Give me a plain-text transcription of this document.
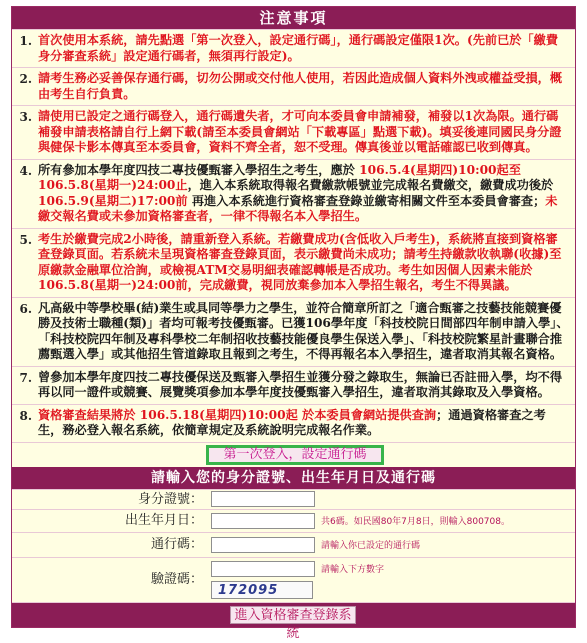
注意事項
1. 首次使用本系統，請先點選「第一次登入，設定通行碼」，通行碼設定僅限1次。(先前已於「繳費身分審查系統」設定通行碼者，無須再行設定)。
2. 請考生務必妥善保存通行碼，切勿公開或交付他人使用，若因此造成個人資料外洩或權益受損，概由考生自行負責。
3. 請使用已設定之通行碼登入，通行碼遺失者，才可向本委員會申請補發，補發以1次為限。通行碼補發申請表格請自行上網下載(請至本委員會網站「下載專區」點選下載)。填妥後連同國民身分證與健保卡影本傳真至本委員會，資料不齊全者，恕不受理。傳真後並以電話確認已收到傳真。
4. 所有參加本學年度四技二專技優甄審入學招生之考生，應於 106.5.4(星期四)10:00起至106.5.8(星期一)24:00止，進入本系統取得報名費繳款帳號並完成報名費繳交，繳費成功後於 106.5.9(星期二)17:00前 再進入本系統進行資格審查登錄並繳寄相關文件至本委員會審查；未繳交報名費或未參加資格審查者，一律不得報名本入學招生。
5. 考生於繳費完成2小時後，請重新登入系統。若繳費成功(含低收入戶考生)，系統將直接到資格審查登錄頁面。若系統未呈現資格審查登錄頁面，表示繳費尚未成功；請考生持繳款收執聯(收據)至原繳款金融單位洽詢，或檢視ATM交易明細表確認轉帳是否成功。考生如因個人因素未能於106.5.8(星期一)24:00前，完成繳費，視同放棄參加本入學招生報名，考生不得異議。
6. 凡高級中等學校畢(結)業生或具同等學力之學生，並符合簡章所訂之「適合甄審之技藝技能競賽優勝及技術士職種(類)」者均可報考技優甄審。已獲106學年度「科技校院日間部四年制申請入學」、「科技校院四年制及專科學校二年制招收技藝技能優良學生保送入學」、「科技校院繁星計畫聯合推薦甄選入學」或其他招生管道錄取且報到之考生，不得再報名本入學招生，違者取消其報名資格。
7. 曾參加本學年度四技二專技優保送及甄審入學招生並獲分發之錄取生，無論已否註冊入學，均不得再以同一證件或競賽、展覽獎項參加本學年度技優甄審入學招生，違者取消其錄取及入學資格。
8. 資格審查結果將於 106.5.18(星期四)10:00起 於本委員會網站提供查詢；通過資格審查之考生，務必登入報名系統，依簡章規定及系統說明完成報名作業。
第一次登入，設定通行碼
請輸入您的身分證號、出生年月日及通行碼
身分證號：
出生年月日：	共6碼。如民國80年7月8日，則輸入800708。
通行碼：	請輸入你已設定的通行碼
驗證碼：
請輸入下方數字
172095
進入資格審查登錄系統
